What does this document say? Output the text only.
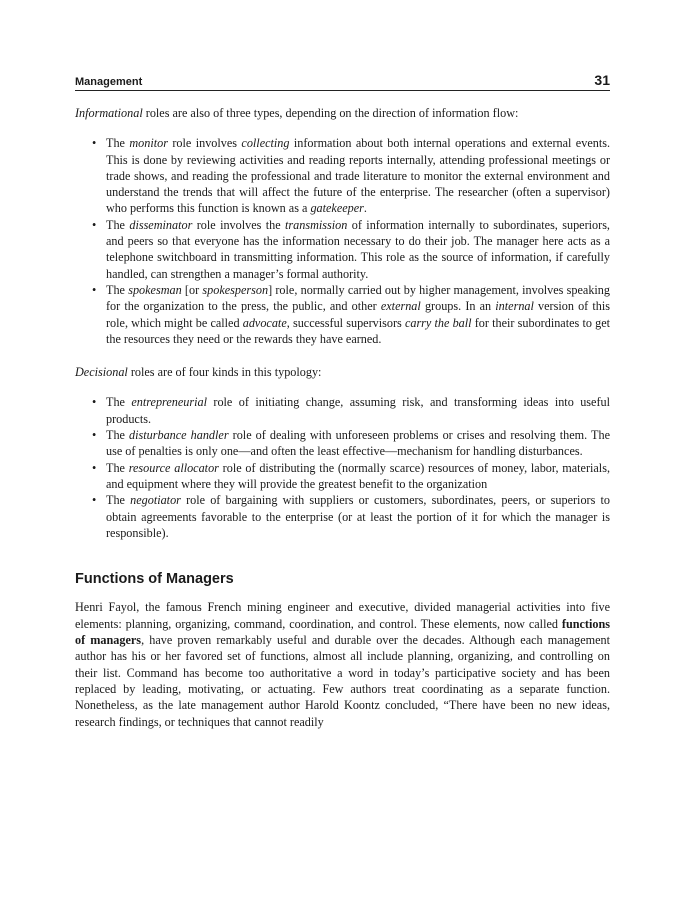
Management	31

Informational roles are also of three types, depending on the direction of information flow:

• The monitor role involves collecting information about both internal operations and external events. This is done by reviewing activities and reading reports internally, attending professional meetings or trade shows, and reading the professional and trade literature to monitor the external environment and understand the trends that will affect the future of the enterprise. The researcher (often a supervisor) who performs this function is known as a gatekeeper.
• The disseminator role involves the transmission of information internally to subordinates, superiors, and peers so that everyone has the information necessary to do their job. The manager here acts as a telephone switchboard in transmitting information. This role as the source of information, if carefully handled, can strengthen a manager’s formal authority.
• The spokesman [or spokesperson] role, normally carried out by higher management, involves speaking for the organization to the press, the public, and other external groups. In an internal version of this role, which might be called advocate, successful supervisors carry the ball for their subordinates to get the resources they need or the rewards they have earned.

Decisional roles are of four kinds in this typology:

• The entrepreneurial role of initiating change, assuming risk, and transforming ideas into useful products.
• The disturbance handler role of dealing with unforeseen problems or crises and resolving them. The use of penalties is only one—and often the least effective—mechanism for handling disturbances.
• The resource allocator role of distributing the (normally scarce) resources of money, labor, materials, and equipment where they will provide the greatest benefit to the organization
• The negotiator role of bargaining with suppliers or customers, subordinates, peers, or superiors to obtain agreements favorable to the enterprise (or at least the portion of it for which the manager is responsible).
Functions of Managers

Henri Fayol, the famous French mining engineer and executive, divided managerial activities into five elements: planning, organizing, command, coordination, and control. These elements, now called functions of managers, have proven remarkably useful and durable over the decades. Although each management author has his or her favored set of functions, almost all include planning, organizing, and controlling on their list. Command has become too authoritative a word in today’s participative society and has been replaced by leading, motivating, or actuating. Few authors treat coordinating as a separate function. Nonetheless, as the late management author Harold Koontz concluded, “There have been no new ideas, research findings, or techniques that cannot readily
